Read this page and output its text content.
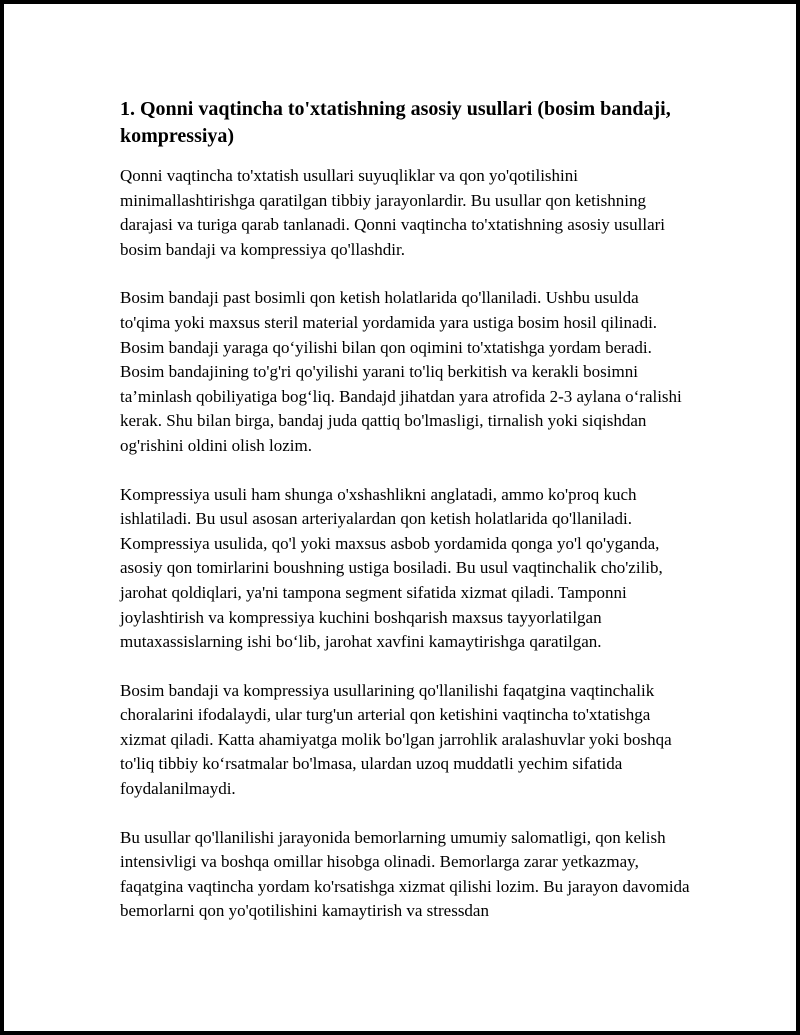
1. Qonni vaqtincha to'xtatishning asosiy usullari (bosim bandaji, kompressiya)

Qonni vaqtincha to'xtatish usullari suyuqliklar va qon yo'qotilishini minimallashtirishga qaratilgan tibbiy jarayonlardir. Bu usullar qon ketishning darajasi va turiga qarab tanlanadi. Qonni vaqtincha to'xtatishning asosiy usullari bosim bandaji va kompressiya qo'llashdir.

Bosim bandaji past bosimli qon ketish holatlarida qo'llaniladi. Ushbu usulda to'qima yoki maxsus steril material yordamida yara ustiga bosim hosil qilinadi. Bosim bandaji yaraga qo‘yilishi bilan qon oqimini to'xtatishga yordam beradi. Bosim bandajining to'g'ri qo'yilishi yarani to'liq berkitish va kerakli bosimni ta’minlash qobiliyatiga bog‘liq. Bandajd jihatdan yara atrofida 2-3 aylana o‘ralishi kerak. Shu bilan birga, bandaj juda qattiq bo'lmasligi, tirnalish yoki siqishdan og'rishini oldini olish lozim.

Kompressiya usuli ham shunga o'xshashlikni anglatadi, ammo ko'proq kuch ishlatiladi. Bu usul asosan arteriyalardan qon ketish holatlarida qo'llaniladi. Kompressiya usulida, qo'l yoki maxsus asbob yordamida qonga yo'l qo'yganda, asosiy qon tomirlarini boushning ustiga bosiladi. Bu usul vaqtinchalik cho'zilib, jarohat qoldiqlari, ya'ni tampona segment sifatida xizmat qiladi. Tamponni joylashtirish va kompressiya kuchini boshqarish maxsus tayyorlatilgan mutaxassislarning ishi bo‘lib, jarohat xavfini kamaytirishga qaratilgan.

Bosim bandaji va kompressiya usullarining qo'llanilishi faqatgina vaqtinchalik choralarini ifodalaydi, ular turg'un arterial qon ketishini vaqtincha to'xtatishga xizmat qiladi. Katta ahamiyatga molik bo'lgan jarrohlik aralashuvlar yoki boshqa to'liq tibbiy ko‘rsatmalar bo'lmasa, ulardan uzoq muddatli yechim sifatida foydalanilmaydi.

Bu usullar qo'llanilishi jarayonida bemorlarning umumiy salomatligi, qon kelish intensivligi va boshqa omillar hisobga olinadi. Bemorlarga zarar yetkazmay, faqatgina vaqtincha yordam ko'rsatishga xizmat qilishi lozim. Bu jarayon davomida bemorlarni qon yo'qotilishini kamaytirish va stressdan
